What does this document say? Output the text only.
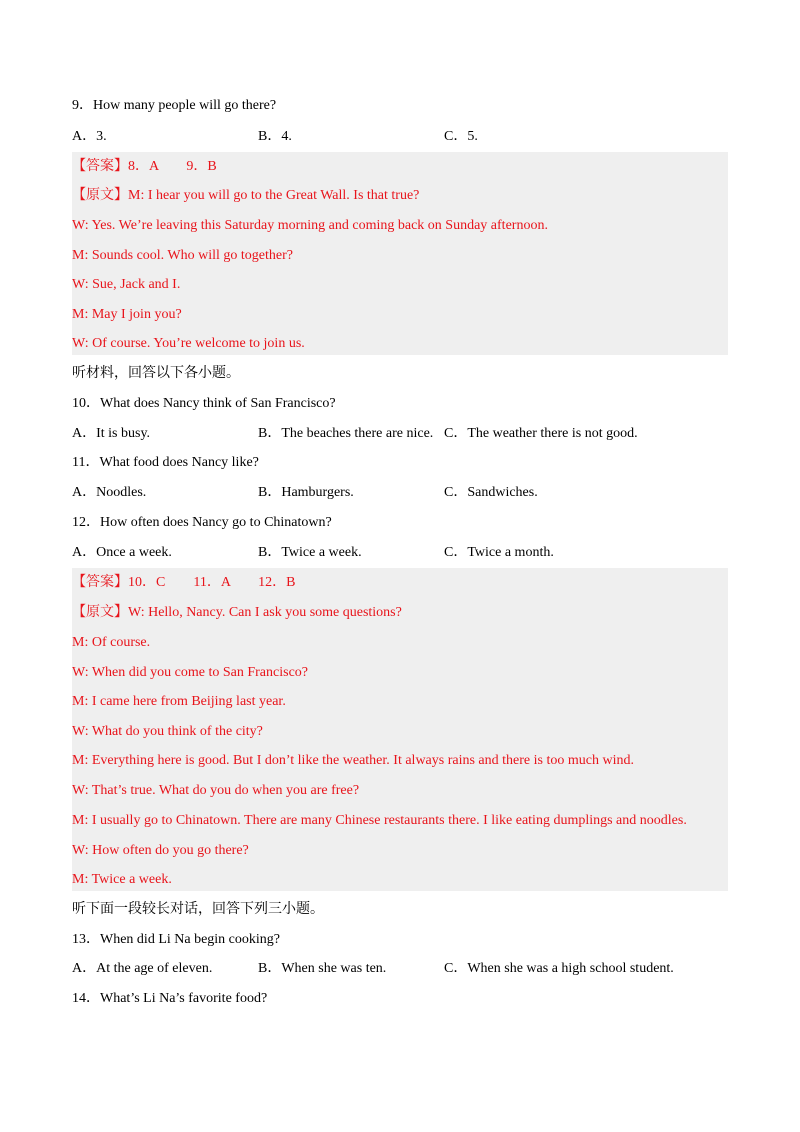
9．How many people will go there?
A．3.	B．4.	C．5.
【答案】8．A　　9．B
【原文】M: I hear you will go to the Great Wall. Is that true?
W: Yes. We’re leaving this Saturday morning and coming back on Sunday afternoon.
M: Sounds cool. Who will go together?
W: Sue, Jack and I.
M: May I join you?
W: Of course. You’re welcome to join us.
听材料，回答以下各小题。
10．What does Nancy think of San Francisco?
A．It is busy.	B．The beaches there are nice. C．The weather there is not good.
11．What food does Nancy like?
A．Noodles.	B．Hamburgers.	C．Sandwiches.
12．How often does Nancy go to Chinatown?
A．Once a week.	B．Twice a week.	C．Twice a month.
【答案】10．C　　11．A　　12．B
【原文】W: Hello, Nancy. Can I ask you some questions?
M: Of course.
W: When did you come to San Francisco?
M: I came here from Beijing last year.
W: What do you think of the city?
M: Everything here is good. But I don’t like the weather. It always rains and there is too much wind.
W: That’s true. What do you do when you are free?
M: I usually go to Chinatown. There are many Chinese restaurants there. I like eating dumplings and noodles.
W: How often do you go there?
M: Twice a week.
听下面一段较长对话，回答下列三小题。
13．When did Li Na begin cooking?
A．At the age of eleven.	B．When she was ten.	C．When she was a high school student.
14．What’s Li Na’s favorite food?
